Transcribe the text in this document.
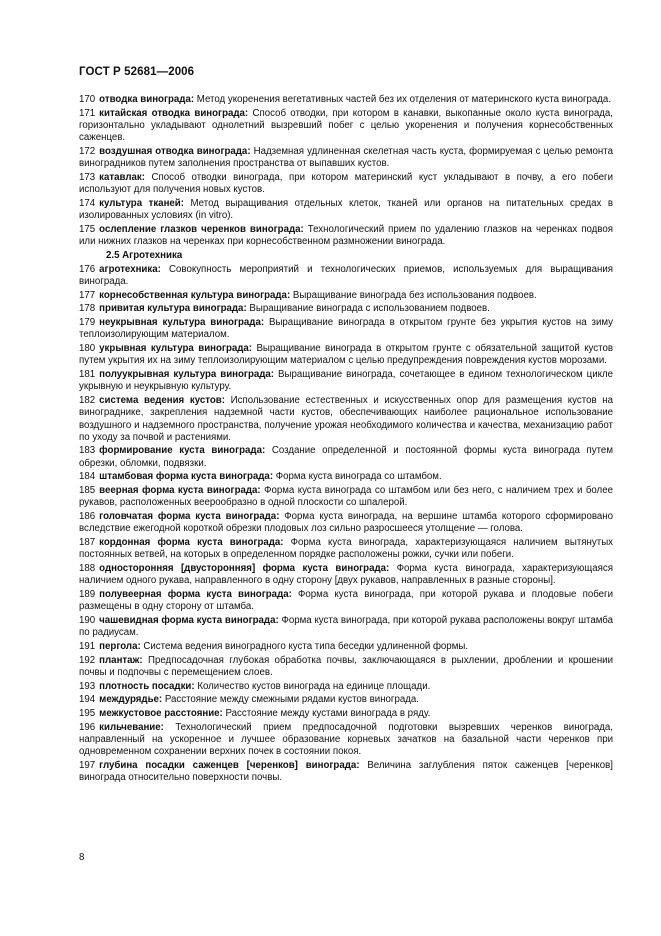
ГОСТ Р 52681—2006
170 отводка винограда: Метод укоренения вегетативных частей без их отделения от материнского куста винограда.
171 китайская отводка винограда: Способ отводки, при котором в канавки, выкопанные около куста винограда, горизонтально укладывают однолетний вызревший побег с целью укоренения и получения корнесобственных саженцев.
172 воздушная отводка винограда: Надземная удлиненная скелетная часть куста, формируемая с целью ремонта виноградников путем заполнения пространства от выпавших кустов.
173 катавлак: Способ отводки винограда, при котором материнский куст укладывают в почву, а его побеги используют для получения новых кустов.
174 культура тканей: Метод выращивания отдельных клеток, тканей или органов на питательных средах в изолированных условиях (in vitro).
175 ослепление глазков черенков винограда: Технологический прием по удалению глазков на черенках подвоя или нижних глазков на черенках при корнесобственном размножении винограда.
2.5 Агротехника
176 агротехника: Совокупность мероприятий и технологических приемов, используемых для выращивания винограда.
177 корнесобственная культура винограда: Выращивание винограда без использования подвоев.
178 привитая культура винограда: Выращивание винограда с использованием подвоев.
179 неукрывная культура винограда: Выращивание винограда в открытом грунте без укрытия кустов на зиму теплоизолирующим материалом.
180 укрывная культура винограда: Выращивание винограда в открытом грунте с обязательной защитой кустов путем укрытия их на зиму теплоизолирующим материалом с целью предупреждения повреждения кустов морозами.
181 полуукрывная культура винограда: Выращивание винограда, сочетающее в едином технологическом цикле укрывную и неукрывную культуру.
182 система ведения кустов: Использование естественных и искусственных опор для размещения кустов на винограднике, закрепления надземной части кустов, обеспечивающих наиболее рациональное использование воздушного и надземного пространства, получение урожая необходимого количества и качества, механизацию работ по уходу за почвой и растениями.
183 формирование куста винограда: Создание определенной и постоянной формы куста винограда путем обрезки, обломки, подвязки.
184 штамбовая форма куста винограда: Форма куста винограда со штамбом.
185 веерная форма куста винограда: Форма куста винограда со штамбом или без него, с наличием трех и более рукавов, расположенных веерообразно в одной плоскости со шпалерой.
186 головчатая форма куста винограда: Форма куста винограда, на вершине штамба которого сформировано вследствие ежегодной короткой обрезки плодовых лоз сильно разросшееся утолщение — голова.
187 кордонная форма куста винограда: Форма куста винограда, характеризующаяся наличием вытянутых постоянных ветвей, на которых в определенном порядке расположены рожки, сучки или побеги.
188 односторонняя [двусторонняя] форма куста винограда: Форма куста винограда, характеризующаяся наличием одного рукава, направленного в одну сторону [двух рукавов, направленных в разные стороны].
189 полувеерная форма куста винограда: Форма куста винограда, при которой рукава и плодовые побеги размещены в одну сторону от штамба.
190 чашевидная форма куста винограда: Форма куста винограда, при которой рукава расположены вокруг штамба по радиусам.
191 пергола: Система ведения виноградного куста типа беседки удлиненной формы.
192 плантаж: Предпосадочная глубокая обработка почвы, заключающаяся в рыхлении, дроблении и крошении почвы и подпочвы с перемещением слоев.
193 плотность посадки: Количество кустов винограда на единице площади.
194 междурядье: Расстояние между смежными рядами кустов винограда.
195 межкустовое расстояние: Расстояние между кустами винограда в ряду.
196 кильчевание: Технологический прием предпосадочной подготовки вызревших черенков винограда, направленный на ускоренное и лучшее образование корневых зачатков на базальной части черенков при одновременном сохранении верхних почек в состоянии покоя.
197 глубина посадки саженцев [черенков] винограда: Величина заглубления пяток саженцев [черенков] винограда относительно поверхности почвы.
8
